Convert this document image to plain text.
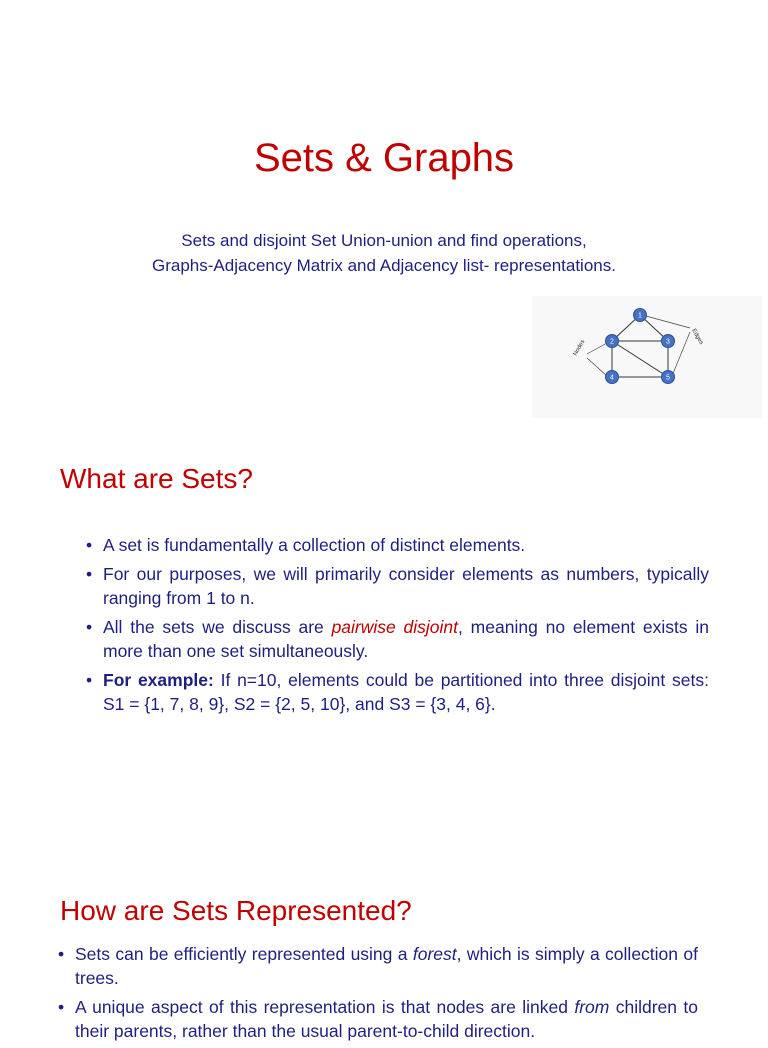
Sets & Graphs
Sets and disjoint Set Union-union and find operations,
Graphs-Adjacency Matrix and Adjacency list- representations.
Edges
Nodes
1
2	3
4	5
What are Sets?
• A set is fundamentally a collection of distinct elements.
• For our purposes, we will primarily consider elements as numbers, typically ranging from 1 to n.
• All the sets we discuss are pairwise disjoint, meaning no element exists in more than one set simultaneously.
• For example: If n=10, elements could be partitioned into three disjoint sets: S1 = {1, 7, 8, 9}, S2 = {2, 5, 10}, and S3 = {3, 4, 6}.
How are Sets Represented?
• Sets can be efficiently represented using a forest, which is simply a collection of trees.
• A unique aspect of this representation is that nodes are linked from children to their parents, rather than the usual parent-to-child direction.
